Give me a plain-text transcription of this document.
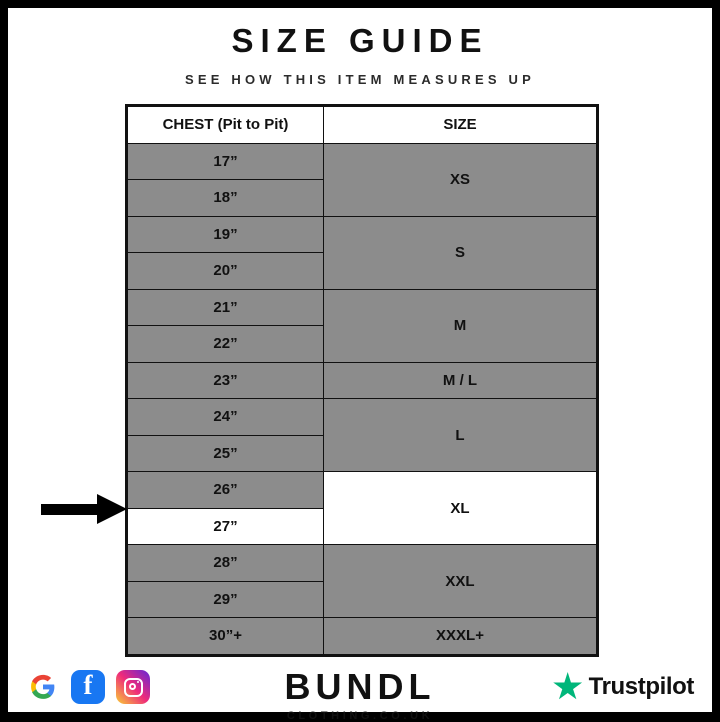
SIZE GUIDE
SEE HOW THIS ITEM MEASURES UP
CHEST (Pit to Pit)	SIZE
17”	XS
18”	
19”	S
20”	
21”	M
22”	
23”	M / L
24”	L
25”	
26”	XL
27”	
28”	XXL
29”	
30”+	XXXL+
BUNDL
CLOTHING.CO.UK
f	Trustpilot
